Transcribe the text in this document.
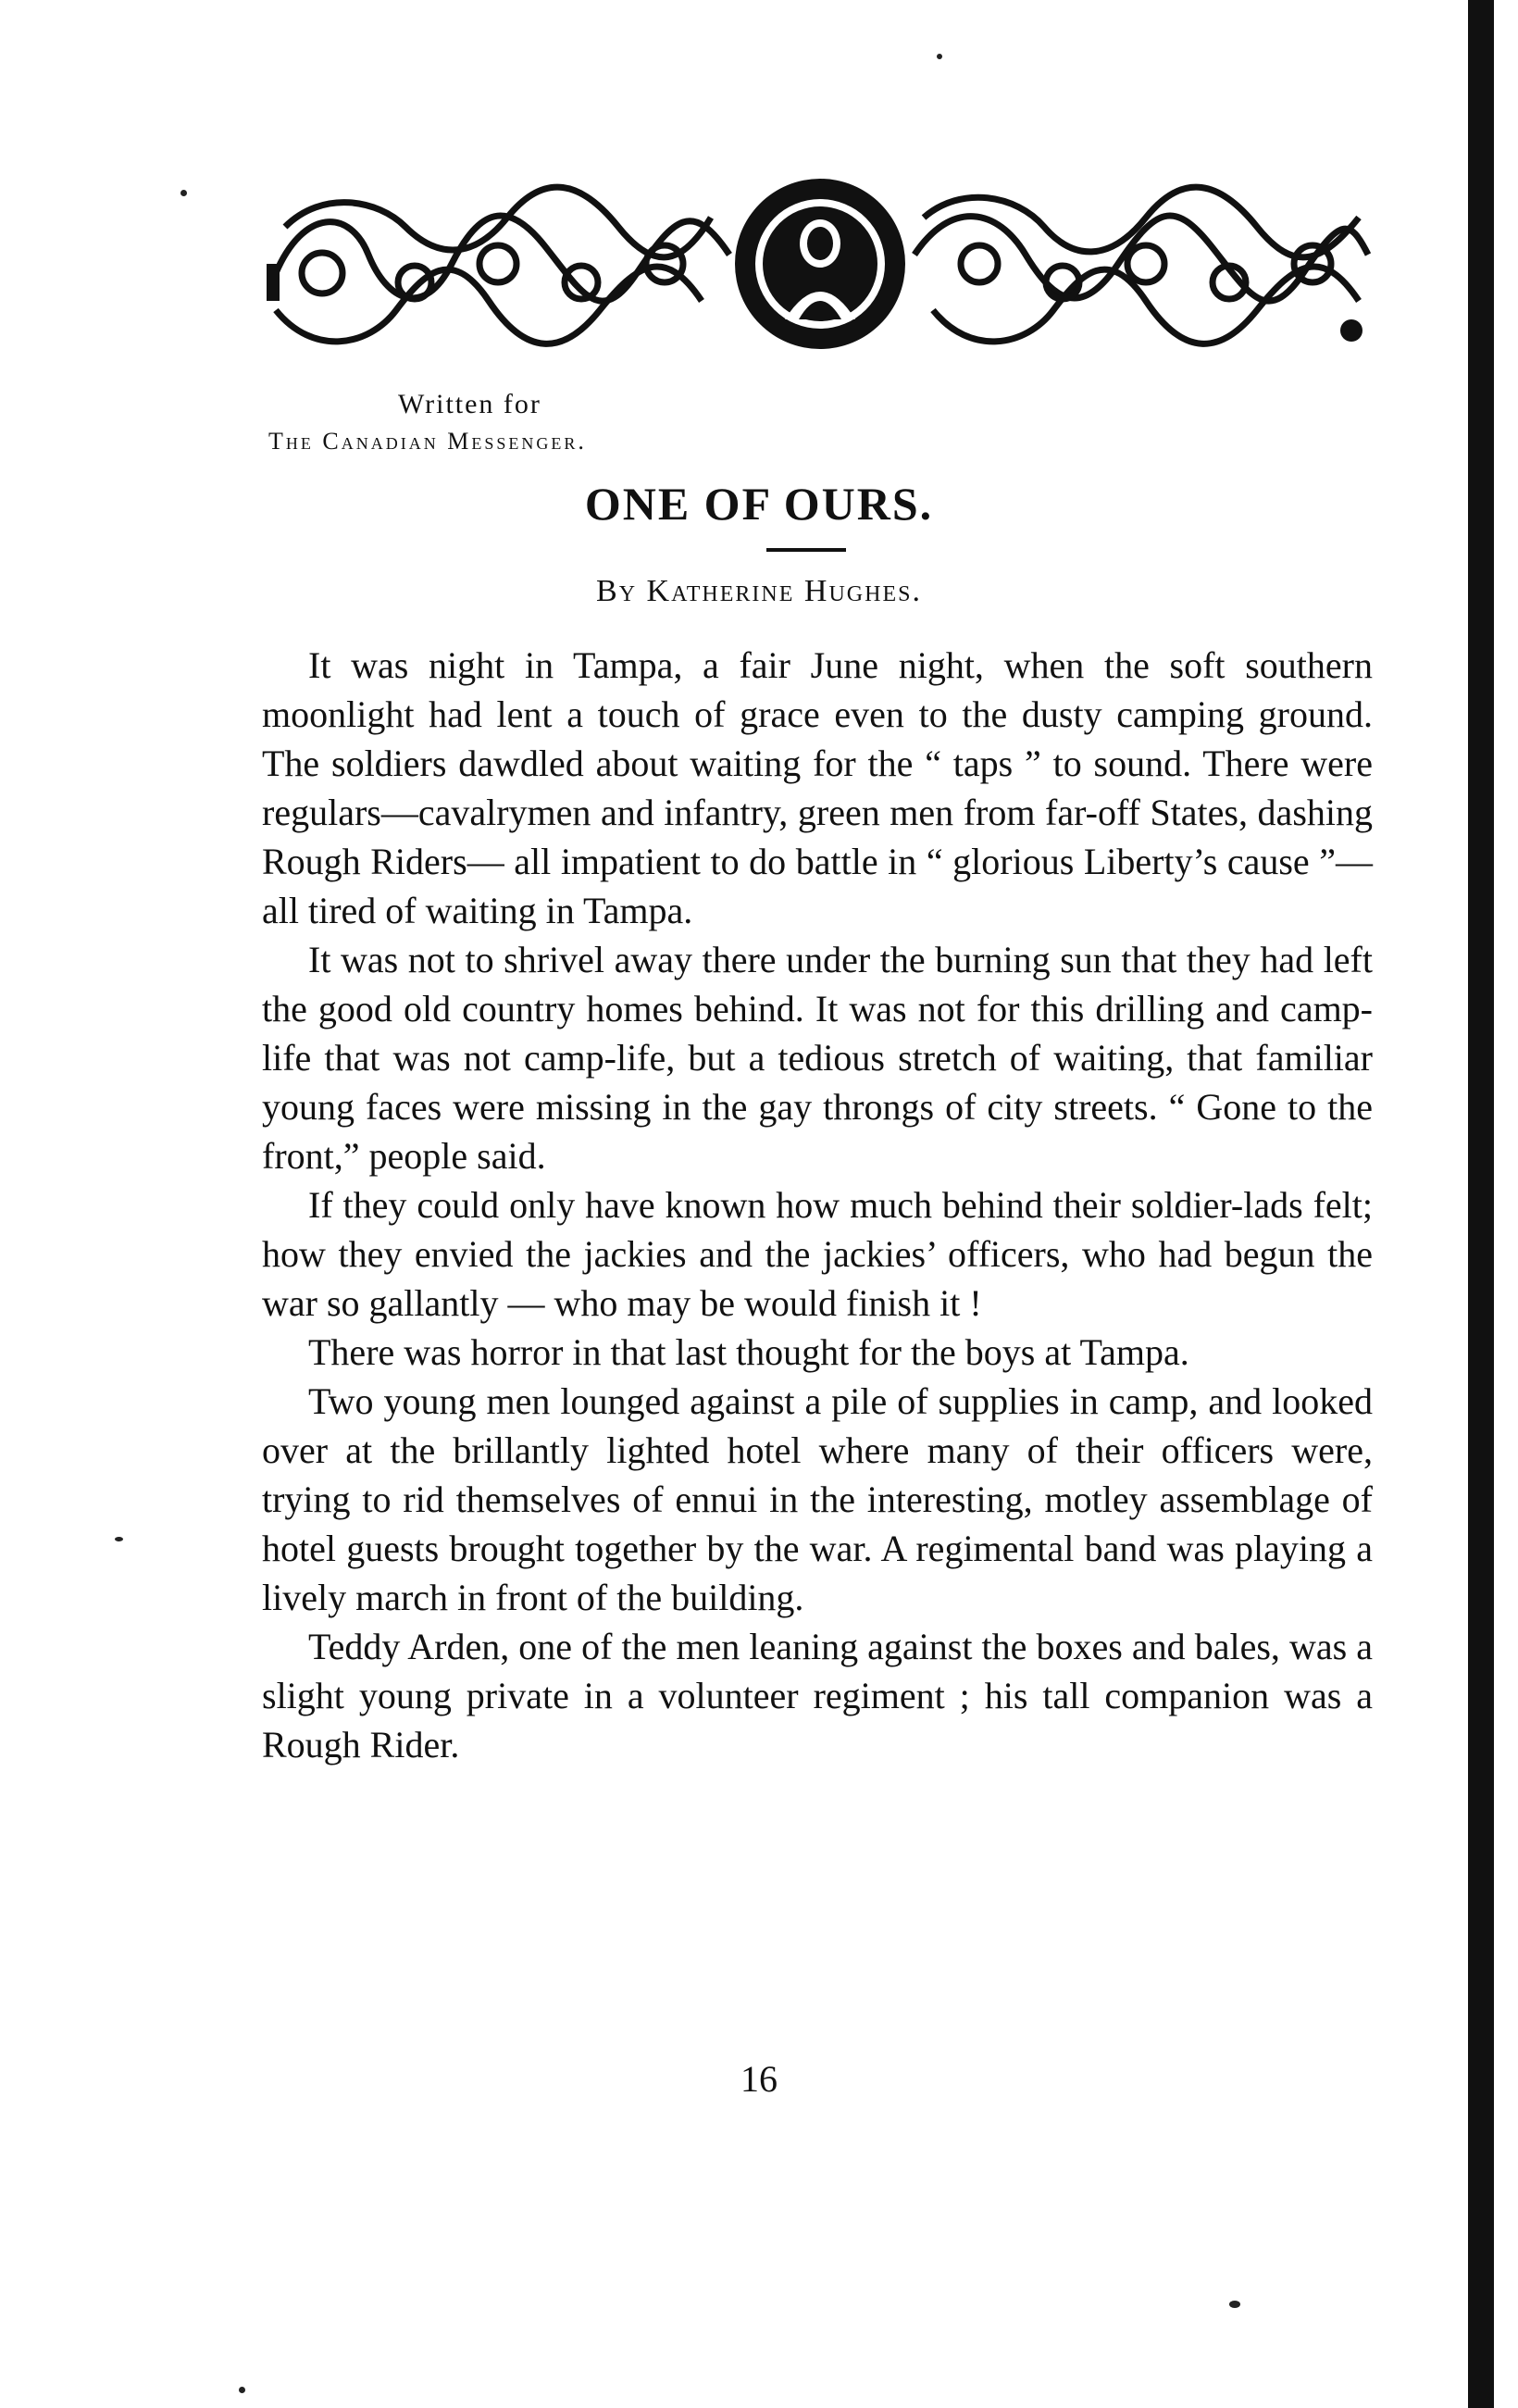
Written for
The Canadian Messenger.
ONE OF OURS.
By Katherine Hughes.

It was night in Tampa, a fair June night, when the soft southern moonlight had lent a touch of grace even to the dusty camping ground. The soldiers dawdled about waiting for the “ taps ” to sound. There were regulars—cavalrymen and infantry, green men from far-off States, dashing Rough Riders— all impatient to do battle in “ glorious Liberty’s cause ”—all tired of waiting in Tampa.

It was not to shrivel away there under the burning sun that they had left the good old country homes behind. It was not for this drilling and camp-life that was not camp-life, but a tedious stretch of waiting, that familiar young faces were missing in the gay throngs of city streets. “ Gone to the front,” people said.

If they could only have known how much behind their soldier-lads felt; how they envied the jackies and the jackies’ officers, who had begun the war so gallantly — who may be would finish it !

There was horror in that last thought for the boys at Tampa.

Two young men lounged against a pile of supplies in camp, and looked over at the brillantly lighted hotel where many of their officers were, trying to rid themselves of ennui in the interesting, motley assemblage of hotel guests brought together by the war. A regimental band was playing a lively march in front of the building.

Teddy Arden, one of the men leaning against the boxes and bales, was a slight young private in a volunteer regiment ; his tall companion was a Rough Rider.

16
